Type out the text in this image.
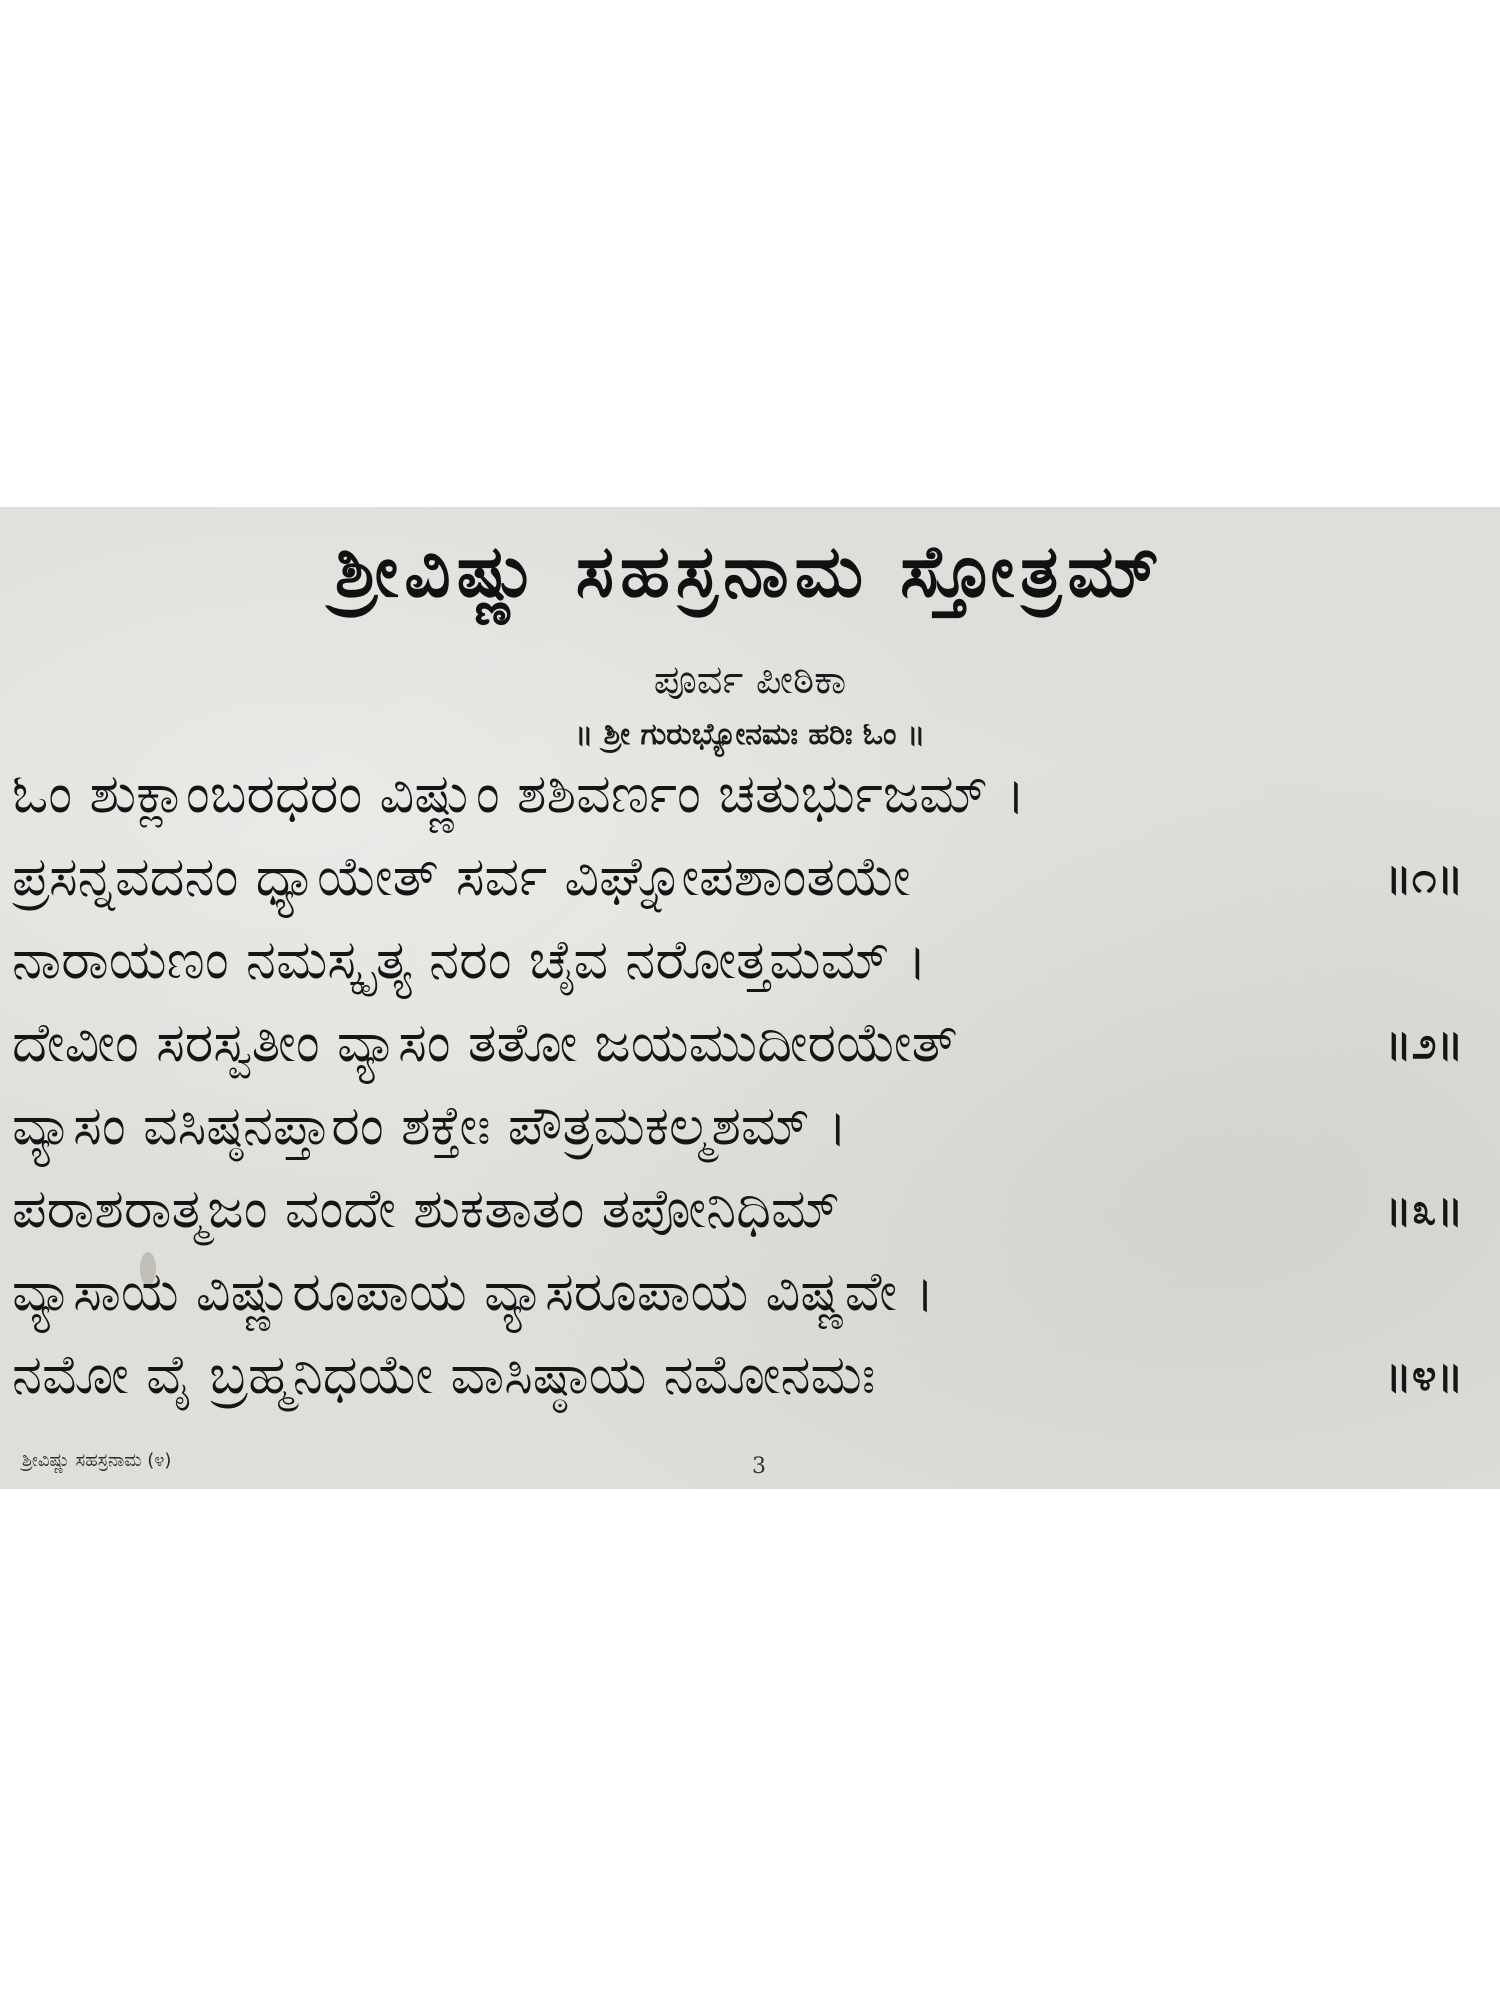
ಶ್ರೀವಿಷ್ಣು ಸಹಸ್ರನಾಮ ಸ್ತೋತ್ರಮ್
ಪೂರ್ವ ಪೀಠಿಕಾ
॥ ಶ್ರೀ ಗುರುಭ್ಯೋನಮಃ ಹರಿಃ ಓಂ ॥
ಓಂ ಶುಕ್ಲಾಂಬರಧರಂ ವಿಷ್ಣುಂ ಶಶಿವರ್ಣಂ ಚತುರ್ಭುಜಮ್ ।
ಪ್ರಸನ್ನವದನಂ ಧ್ಯಾಯೇತ್ ಸರ್ವ ವಿಘ್ನೋಪಶಾಂತಯೇ	॥೧॥
ನಾರಾಯಣಂ ನಮಸ್ಕೃತ್ಯ ನರಂ ಚೈವ ನರೋತ್ತಮಮ್ ।
ದೇವೀಂ ಸರಸ್ವತೀಂ ವ್ಯಾಸಂ ತತೋ ಜಯಮುದೀರಯೇತ್	॥೨॥
ವ್ಯಾಸಂ ವಸಿಷ್ಠನಪ್ತಾರಂ ಶಕ್ತೇಃ ಪೌತ್ರಮಕಲ್ಮಶಮ್ ।
ಪರಾಶರಾತ್ಮಜಂ ವಂದೇ ಶುಕತಾತಂ ತಪೋನಿಧಿಮ್	॥೩॥
ವ್ಯಾಸಾಯ ವಿಷ್ಣುರೂಪಾಯ ವ್ಯಾಸರೂಪಾಯ ವಿಷ್ಣವೇ ।
ನಮೋ ವೈ ಬ್ರಹ್ಮನಿಧಯೇ ವಾಸಿಷ್ಠಾಯ ನಮೋನಮಃ	॥೪॥
ಶ್ರೀವಿಷ್ಣು ಸಹಸ್ರನಾಮ (೪)	3
